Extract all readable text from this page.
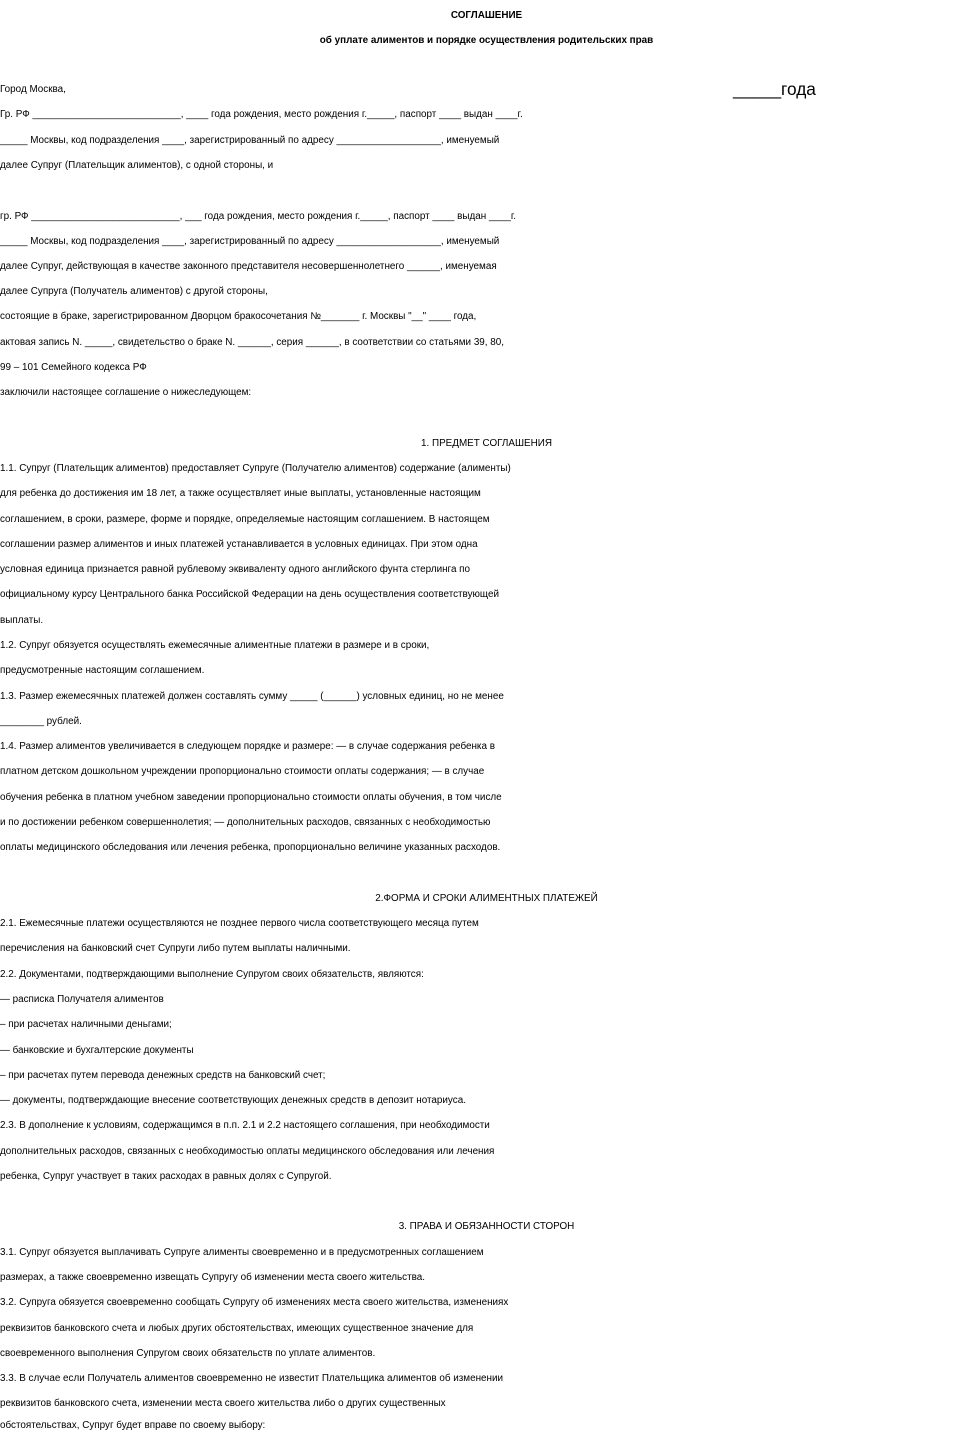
СОГЛАШЕНИЕ
об уплате алиментов и порядке осуществления родительских прав
Город Москва,	_____года
Гр. РФ ___________________________, ____ года рождения, место рождения г._____, паспорт ____ выдан ____г.
_____ Москвы, код подразделения ____, зарегистрированный по адресу ___________________, именуемый
далее Супруг (Плательщик алиментов), с одной стороны, и
гр. РФ ___________________________, ___ года рождения, место рождения г._____, паспорт ____ выдан ____г.
_____ Москвы, код подразделения ____, зарегистрированный по адресу ___________________, именуемый
далее Супруг, действующая в качестве законного представителя несовершеннолетнего ______, именуемая
далее Супруга (Получатель алиментов) с другой стороны,
состоящие в браке, зарегистрированном Дворцом бракосочетания №_______ г. Москвы "__" ____ года,
актовая запись N. _____, свидетельство о браке N. ______, серия ______, в соответствии со статьями 39, 80,
99 – 101 Семейного кодекса РФ
заключили настоящее соглашение о нижеследующем:
1. ПРЕДМЕТ СОГЛАШЕНИЯ
1.1. Супруг (Плательщик алиментов) предоставляет Супруге (Получателю алиментов) содержание (алименты)
для ребенка до достижения им 18 лет, а также осуществляет иные выплаты, установленные настоящим
соглашением, в сроки, размере, форме и порядке, определяемые настоящим соглашением. В настоящем
соглашении размер алиментов и иных платежей устанавливается в условных единицах. При этом одна
условная единица признается равной рублевому эквиваленту одного английского фунта стерлинга по
официальному курсу Центрального банка Российской Федерации на день осуществления соответствующей
выплаты.
1.2. Супруг обязуется осуществлять ежемесячные алиментные платежи в размере и в сроки,
предусмотренные настоящим соглашением.
1.3. Размер ежемесячных платежей должен составлять сумму _____ (______) условных единиц, но не менее
________ рублей.
1.4. Размер алиментов увеличивается в следующем порядке и размере: — в случае содержания ребенка в
платном детском дошкольном учреждении пропорционально стоимости оплаты содержания; — в случае
обучения ребенка в платном учебном заведении пропорционально стоимости оплаты обучения, в том числе
и по достижении ребенком совершеннолетия; — дополнительных расходов, связанных с необходимостью
оплаты медицинского обследования или лечения ребенка, пропорционально величине указанных расходов.
2.ФОРМА И СРОКИ АЛИМЕНТНЫХ ПЛАТЕЖЕЙ
2.1. Ежемесячные платежи осуществляются не позднее первого числа соответствующего месяца путем
перечисления на банковский счет Супруги либо путем выплаты наличными.
2.2. Документами, подтверждающими выполнение Супругом своих обязательств, являются:
— расписка Получателя алиментов
– при расчетах наличными деньгами;
— банковские и бухгалтерские документы
– при расчетах путем перевода денежных средств на банковский счет;
— документы, подтверждающие внесение соответствующих денежных средств в депозит нотариуса.
2.3. В дополнение к условиям, содержащимся в п.п. 2.1 и 2.2 настоящего соглашения, при необходимости
дополнительных расходов, связанных с необходимостью оплаты медицинского обследования или лечения
ребенка, Супруг участвует в таких расходах в равных долях с Супругой.
3. ПРАВА И ОБЯЗАННОСТИ СТОРОН
3.1. Супруг обязуется выплачивать Супруге алименты своевременно и в предусмотренных соглашением
размерах, а также своевременно извещать Супругу об изменении места своего жительства.
3.2. Супруга обязуется своевременно сообщать Супругу об изменениях места своего жительства, изменениях
реквизитов банковского счета и любых других обстоятельствах, имеющих существенное значение для
своевременного выполнения Супругом своих обязательств по уплате алиментов.
3.3. В случае если Получатель алиментов своевременно не известит Плательщика алиментов об изменении
реквизитов банковского счета, изменении места своего жительства либо о других существенных
обстоятельствах, Супруг будет вправе по своему выбору:
